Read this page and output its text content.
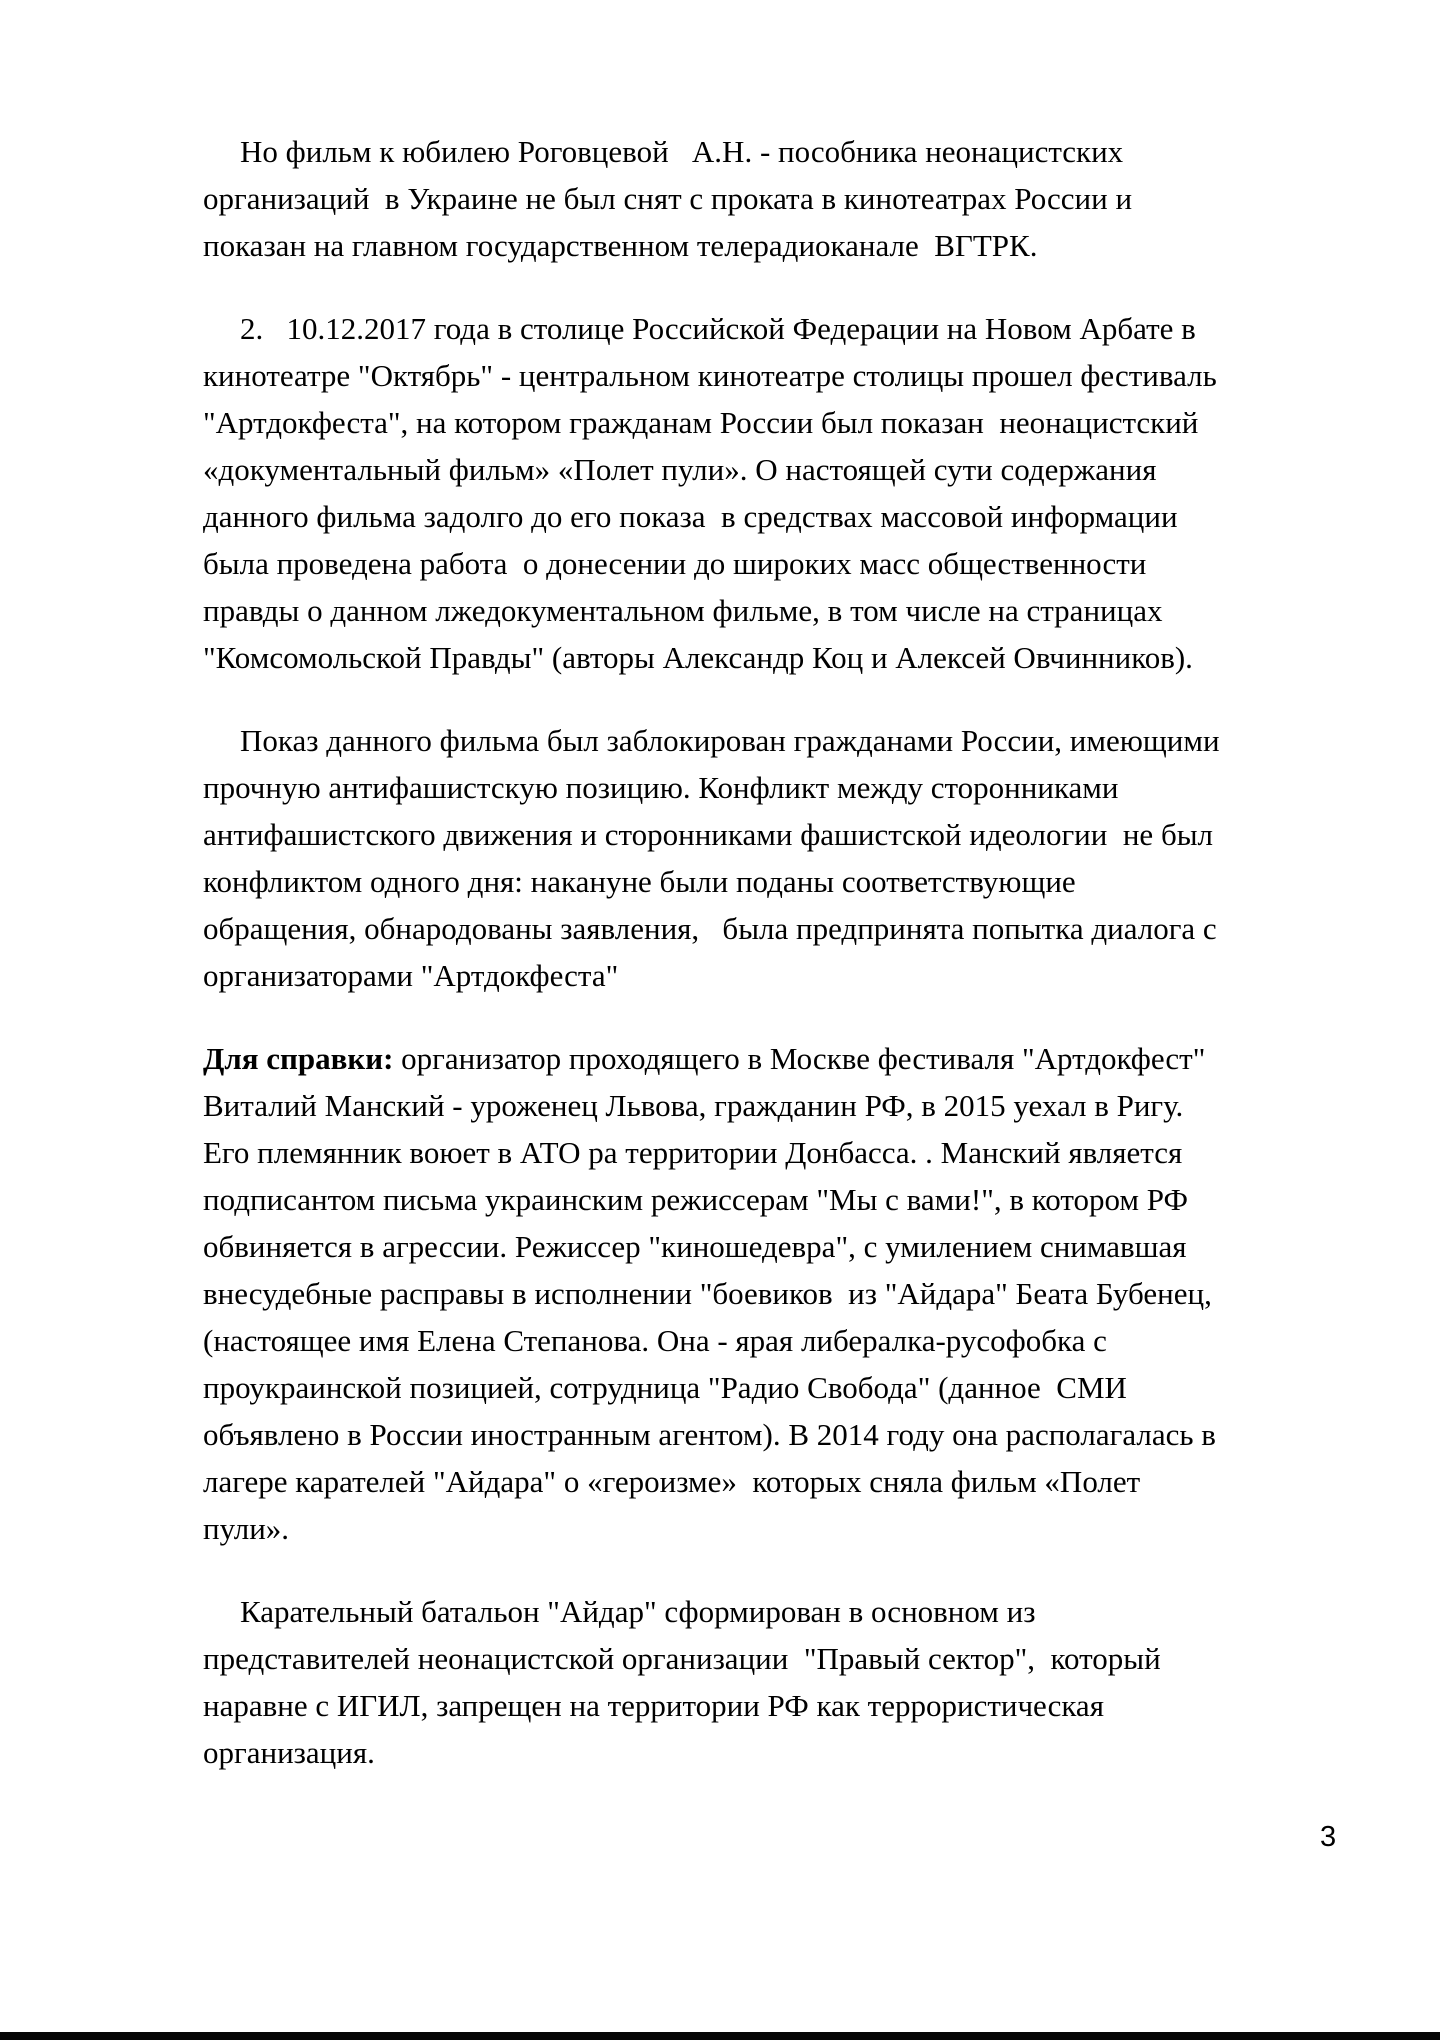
Но фильм к юбилею Роговцевой   А.Н. - пособника неонацистских
организаций  в Украине не был снят с проката в кинотеатрах России и
показан на главном государственном телерадиоканале  ВГТРК.
2.   10.12.2017 года в столице Российской Федерации на Новом Арбате в
кинотеатре "Октябрь" - центральном кинотеатре столицы прошел фестиваль
"Артдокфеста", на котором гражданам России был показан  неонацистский
«документальный фильм» «Полет пули». О настоящей сути содержания
данного фильма задолго до его показа  в средствах массовой информации
была проведена работа  о донесении до широких масс общественности
правды о данном лжедокументальном фильме, в том числе на страницах
"Комсомольской Правды" (авторы Александр Коц и Алексей Овчинников).
Показ данного фильма был заблокирован гражданами России, имеющими
прочную антифашистскую позицию. Конфликт между сторонниками
антифашистского движения и сторонниками фашистской идеологии  не был
конфликтом одного дня: накануне были поданы соответствующие
обращения, обнародованы заявления,   была предпринята попытка диалога с
организаторами "Артдокфеста"
Для справки: организатор проходящего в Москве фестиваля "Артдокфест"
Виталий Манский - уроженец Львова, гражданин РФ, в 2015 уехал в Ригу.
Его племянник воюет в АТО ра территории Донбасса. . Манский является
подписантом письма украинским режиссерам "Мы с вами!", в котором РФ
обвиняется в агрессии. Режиссер "киношедевра", с умилением снимавшая
внесудебные расправы в исполнении "боевиков  из "Айдара" Беата Бубенец,
(настоящее имя Елена Степанова. Она - ярая либералка-русофобка с
проукраинской позицией, сотрудница "Радио Свобода" (данное  СМИ
объявлено в России иностранным агентом). В 2014 году она располагалась в
лагере карателей "Айдара" о «героизме»  которых сняла фильм «Полет
пули».
Карательный батальон "Айдар" сформирован в основном из
представителей неонацистской организации  "Правый сектор",  который
наравне с ИГИЛ, запрещен на территории РФ как террористическая
организация.
3
